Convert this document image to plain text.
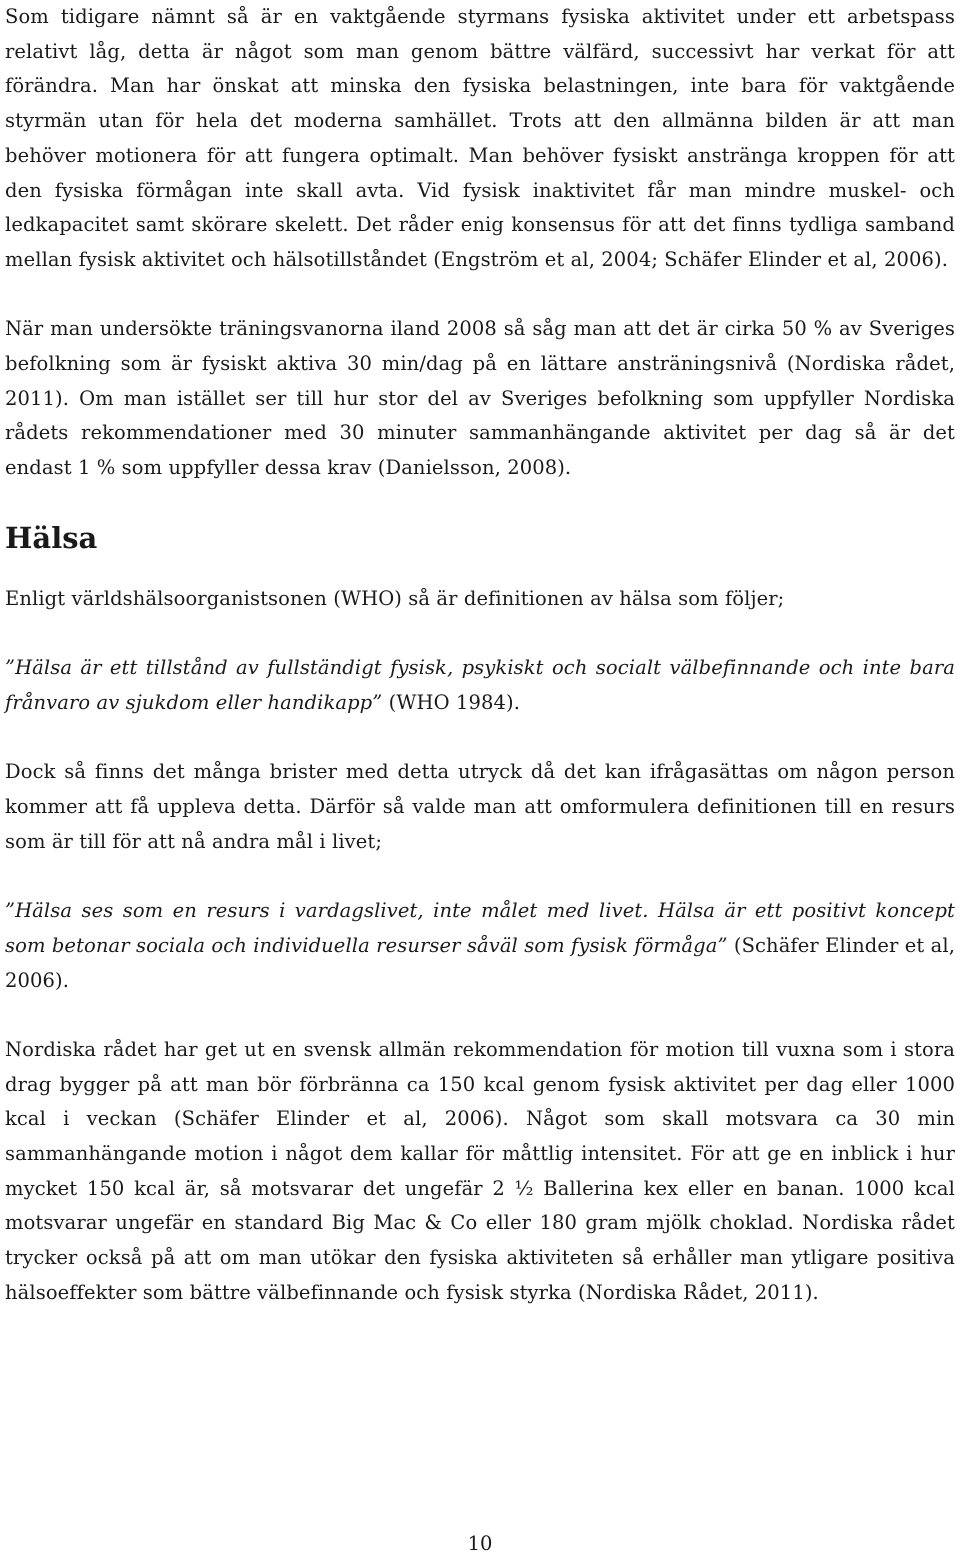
Som tidigare nämnt så är en vaktgående styrmans fysiska aktivitet under ett arbetspass relativt låg, detta är något som man genom bättre välfärd, successivt har verkat för att förändra. Man har önskat att minska den fysiska belastningen, inte bara för vaktgående styrmän utan för hela det moderna samhället. Trots att den allmänna bilden är att man behöver motionera för att fungera optimalt. Man behöver fysiskt anstränga kroppen för att den fysiska förmågan inte skall avta. Vid fysisk inaktivitet får man mindre muskel- och ledkapacitet samt skörare skelett. Det råder enig konsensus för att det finns tydliga samband mellan fysisk aktivitet och hälsotillståndet (Engström et al, 2004; Schäfer Elinder et al, 2006).

När man undersökte träningsvanorna iland 2008 så såg man att det är cirka 50 % av Sveriges befolkning som är fysiskt aktiva 30 min/dag på en lättare ansträningsnivå (Nordiska rådet, 2011). Om man istället ser till hur stor del av Sveriges befolkning som uppfyller Nordiska rådets rekommendationer med 30 minuter sammanhängande aktivitet per dag så är det endast 1 % som uppfyller dessa krav (Danielsson, 2008).

Hälsa

Enligt världshälsoorganistsonen (WHO) så är definitionen av hälsa som följer;

”Hälsa är ett tillstånd av fullständigt fysisk, psykiskt och socialt välbefinnande och inte bara frånvaro av sjukdom eller handikapp” (WHO 1984).

Dock så finns det många brister med detta utryck då det kan ifrågasättas om någon person kommer att få uppleva detta. Därför så valde man att omformulera definitionen till en resurs som är till för att nå andra mål i livet;

”Hälsa ses som en resurs i vardagslivet, inte målet med livet. Hälsa är ett positivt koncept som betonar sociala och individuella resurser såväl som fysisk förmåga” (Schäfer Elinder et al, 2006).

Nordiska rådet har get ut en svensk allmän rekommendation för motion till vuxna som i stora drag bygger på att man bör förbränna ca 150 kcal genom fysisk aktivitet per dag eller 1000 kcal i veckan (Schäfer Elinder et al, 2006). Något som skall motsvara ca 30 min sammanhängande motion i något dem kallar för måttlig intensitet. För att ge en inblick i hur mycket 150 kcal är, så motsvarar det ungefär 2 ½ Ballerina kex eller en banan. 1000 kcal motsvarar ungefär en standard Big Mac & Co eller 180 gram mjölk choklad. Nordiska rådet trycker också på att om man utökar den fysiska aktiviteten så erhåller man ytligare positiva hälsoeffekter som bättre välbefinnande och fysisk styrka (Nordiska Rådet, 2011).

10
